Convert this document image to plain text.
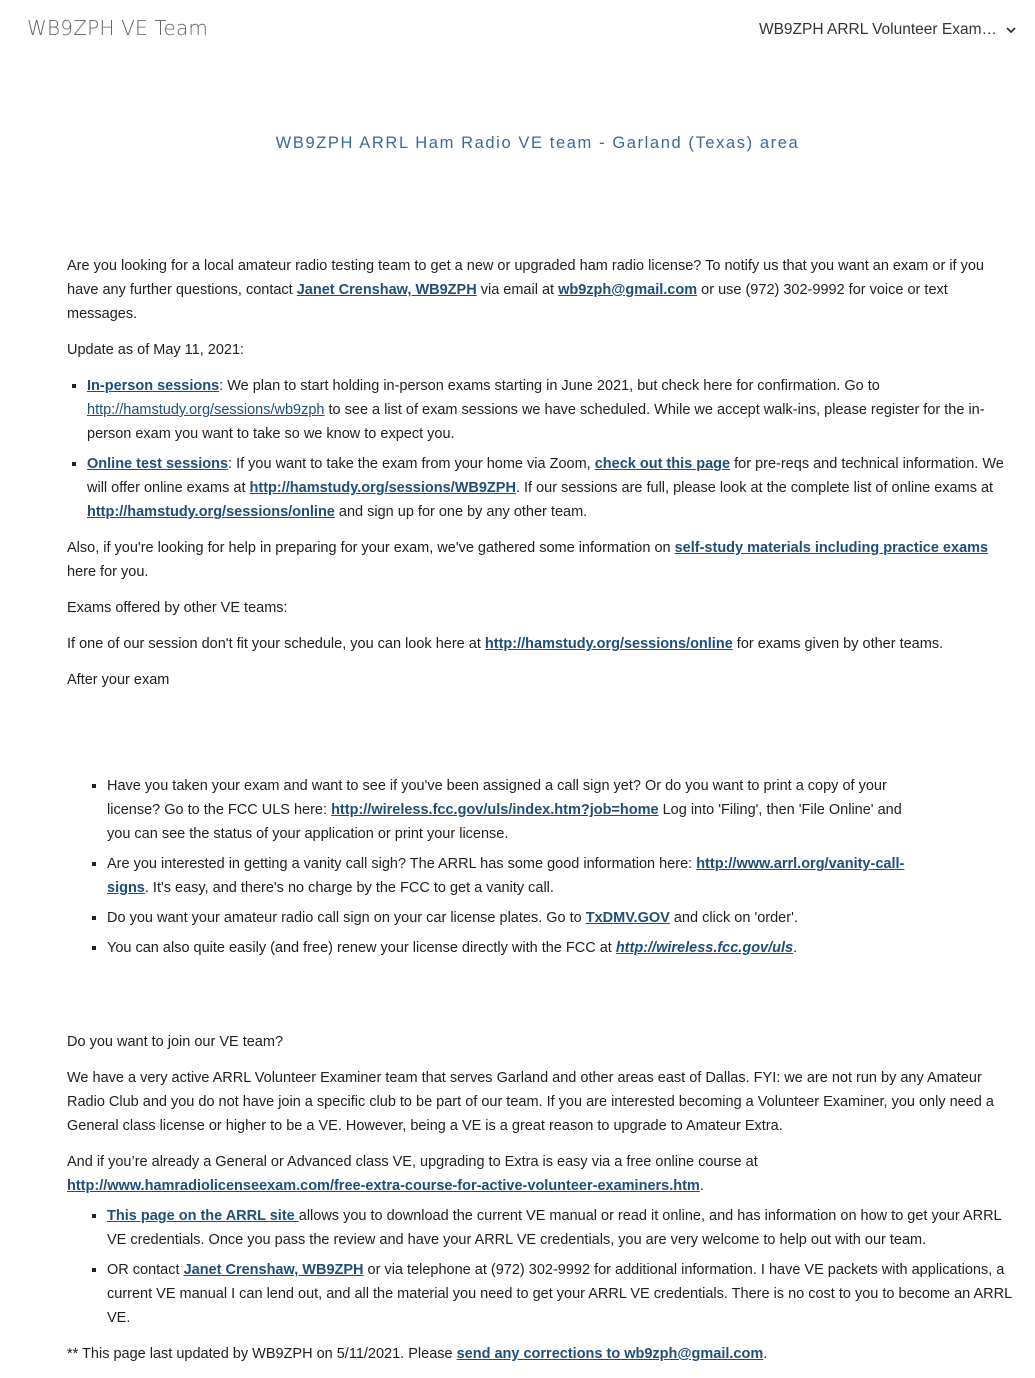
WB9ZPH VE Team	WB9ZPH ARRL Volunteer Exam…
WB9ZPH ARRL Ham Radio VE team - Garland (Texas) area

Are you looking for a local amateur radio testing team to get a new or upgraded ham radio license? To notify us that you want an exam or if you have any further questions, contact Janet Crenshaw, WB9ZPH via email at wb9zph@gmail.com or use (972) 302-9992 for voice or text messages.

Update as of May 11, 2021:

▪ In-person sessions: We plan to start holding in-person exams starting in June 2021, but check here for confirmation. Go to http://hamstudy.org/sessions/wb9zph to see a list of exam sessions we have scheduled. While we accept walk-ins, please register for the in-person exam you want to take so we know to expect you.
▪ Online test sessions: If you want to take the exam from your home via Zoom, check out this page for pre-reqs and technical information. We will offer online exams at http://hamstudy.org/sessions/WB9ZPH. If our sessions are full, please look at the complete list of online exams at http://hamstudy.org/sessions/online and sign up for one by any other team.

Also, if you're looking for help in preparing for your exam, we've gathered some information on self-study materials including practice exams here for you.

Exams offered by other VE teams:

If one of our session don't fit your schedule, you can look here at http://hamstudy.org/sessions/online for exams given by other teams.

After your exam

▪ Have you taken your exam and want to see if you've been assigned a call sign yet? Or do you want to print a copy of your license? Go to the FCC ULS here: http://wireless.fcc.gov/uls/index.htm?job=home Log into 'Filing', then 'File Online' and you can see the status of your application or print your license.
▪ Are you interested in getting a vanity call sigh? The ARRL has some good information here: http://www.arrl.org/vanity-call-signs. It's easy, and there's no charge by the FCC to get a vanity call.
▪ Do you want your amateur radio call sign on your car license plates. Go to TxDMV.GOV and click on 'order'.
▪ You can also quite easily (and free) renew your license directly with the FCC at http://wireless.fcc.gov/uls.

Do you want to join our VE team?

We have a very active ARRL Volunteer Examiner team that serves Garland and other areas east of Dallas. FYI: we are not run by any Amateur Radio Club and you do not have join a specific club to be part of our team. If you are interested becoming a Volunteer Examiner, you only need a General class license or higher to be a VE. However, being a VE is a great reason to upgrade to Amateur Extra.

And if you’re already a General or Advanced class VE, upgrading to Extra is easy via a free online course at http://www.hamradiolicenseexam.com/free-extra-course-for-active-volunteer-examiners.htm.

▪ This page on the ARRL site allows you to download the current VE manual or read it online, and has information on how to get your ARRL VE credentials. Once you pass the review and have your ARRL VE credentials, you are very welcome to help out with our team.
▪ OR contact Janet Crenshaw, WB9ZPH or via telephone at (972) 302-9992 for additional information. I have VE packets with applications, a current VE manual I can lend out, and all the material you need to get your ARRL VE credentials. There is no cost to you to become an ARRL VE.

** This page last updated by WB9ZPH on 5/11/2021. Please send any corrections to wb9zph@gmail.com.
